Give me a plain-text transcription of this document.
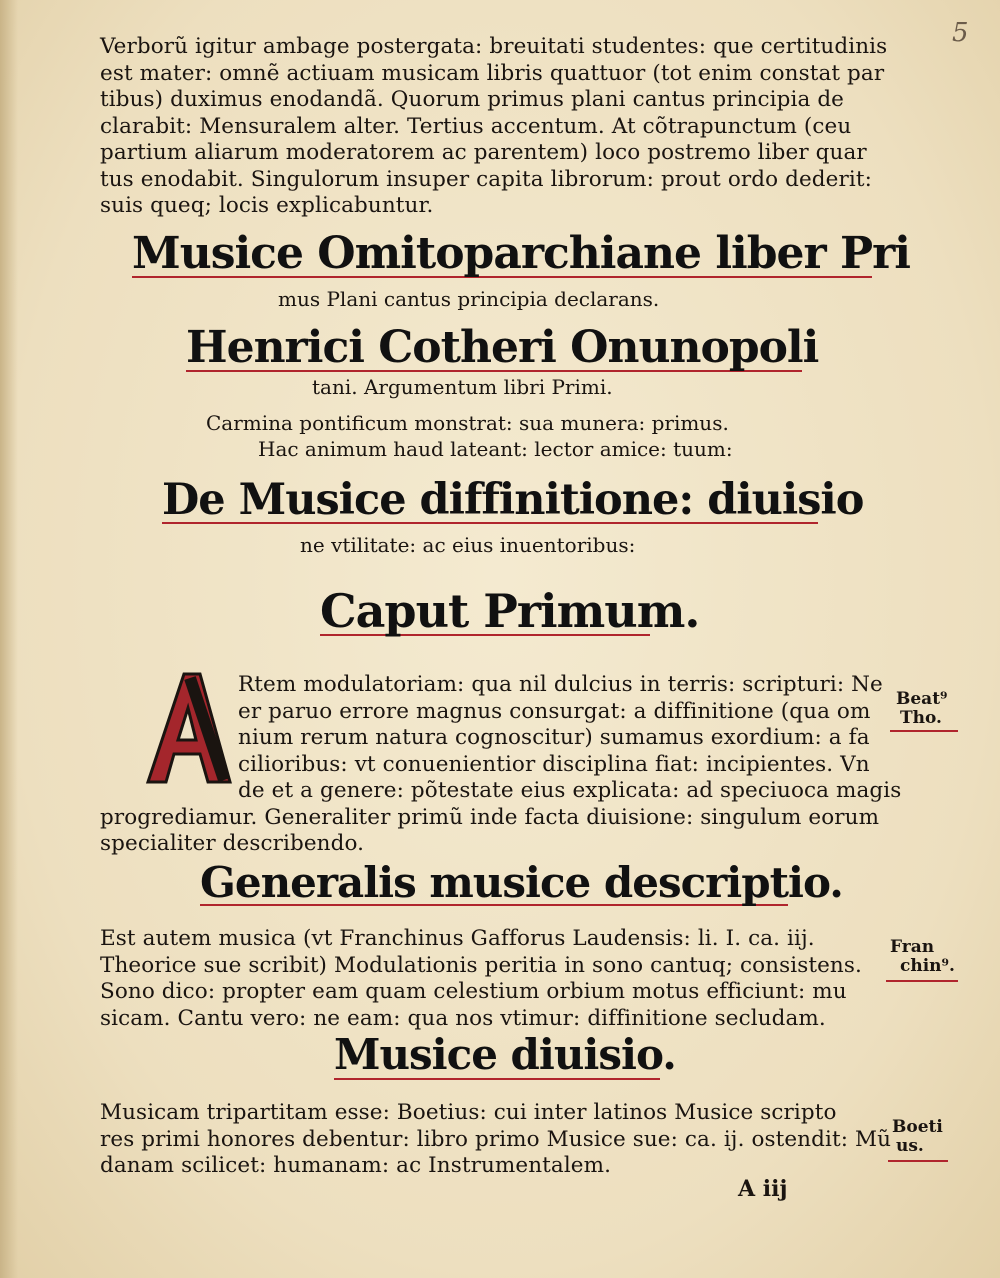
5
Verborũ igitur ambage postergata: breuitati studentes: que certitudinis
est mater: omnẽ actiuam musicam libris quattuor (tot enim constat par
tibus) duximus enodandã. Quorum primus plani cantus principia de
clarabit: Mensuralem alter. Tertius accentum. At cõtrapunctum (ceu
partium aliarum moderatorem ac parentem) loco postremo liber quar
tus enodabit. Singulorum insuper capita librorum: prout ordo dederit:
suis queq; locis explicabuntur.
Musice Omitoparchiane liber Pri
mus Plani cantus principia declarans.
Henrici Cotheri Onunopoli
tani. Argumentum libri Primi.
Carmina pontificum monstrat: sua munera: primus.
Hac animum haud lateant: lector amice: tuum:
De Musice diffinitione: diuisio
ne vtilitate: ac eius inuentoribus:
Caput Primum.
Rtem modulatoriam: qua nil dulcius in terris: scripturi: Ne
er paruo errore magnus consurgat: a diffinitione (qua om
nium rerum natura cognoscitur) sumamus exordium: a fa
cilioribus: vt conuenientior disciplina fiat: incipientes. Vn
de et a genere: põtestate eius explicata: ad speciuoca magis
progrediamur. Generaliter primũ inde facta diuisione: singulum eorum
specialiter describendo.
Generalis musice descriptio.
Est autem musica (vt Franchinus Gafforus Laudensis: li. I. ca. iij.
Theorice sue scribit) Modulationis peritia in sono cantuq; consistens.
Sono dico: propter eam quam celestium orbium motus efficiunt: mu
sicam. Cantu vero: ne eam: qua nos vtimur: diffinitione secludam.
Musice diuisio.
Musicam tripartitam esse: Boetius: cui inter latinos Musice scripto
res primi honores debentur: libro primo Musice sue: ca. ij. ostendit: Mũ
danam scilicet: humanam: ac Instrumentalem.
Beat⁹
Tho.
Fran
chin⁹.
Boeti
us.
A iij
